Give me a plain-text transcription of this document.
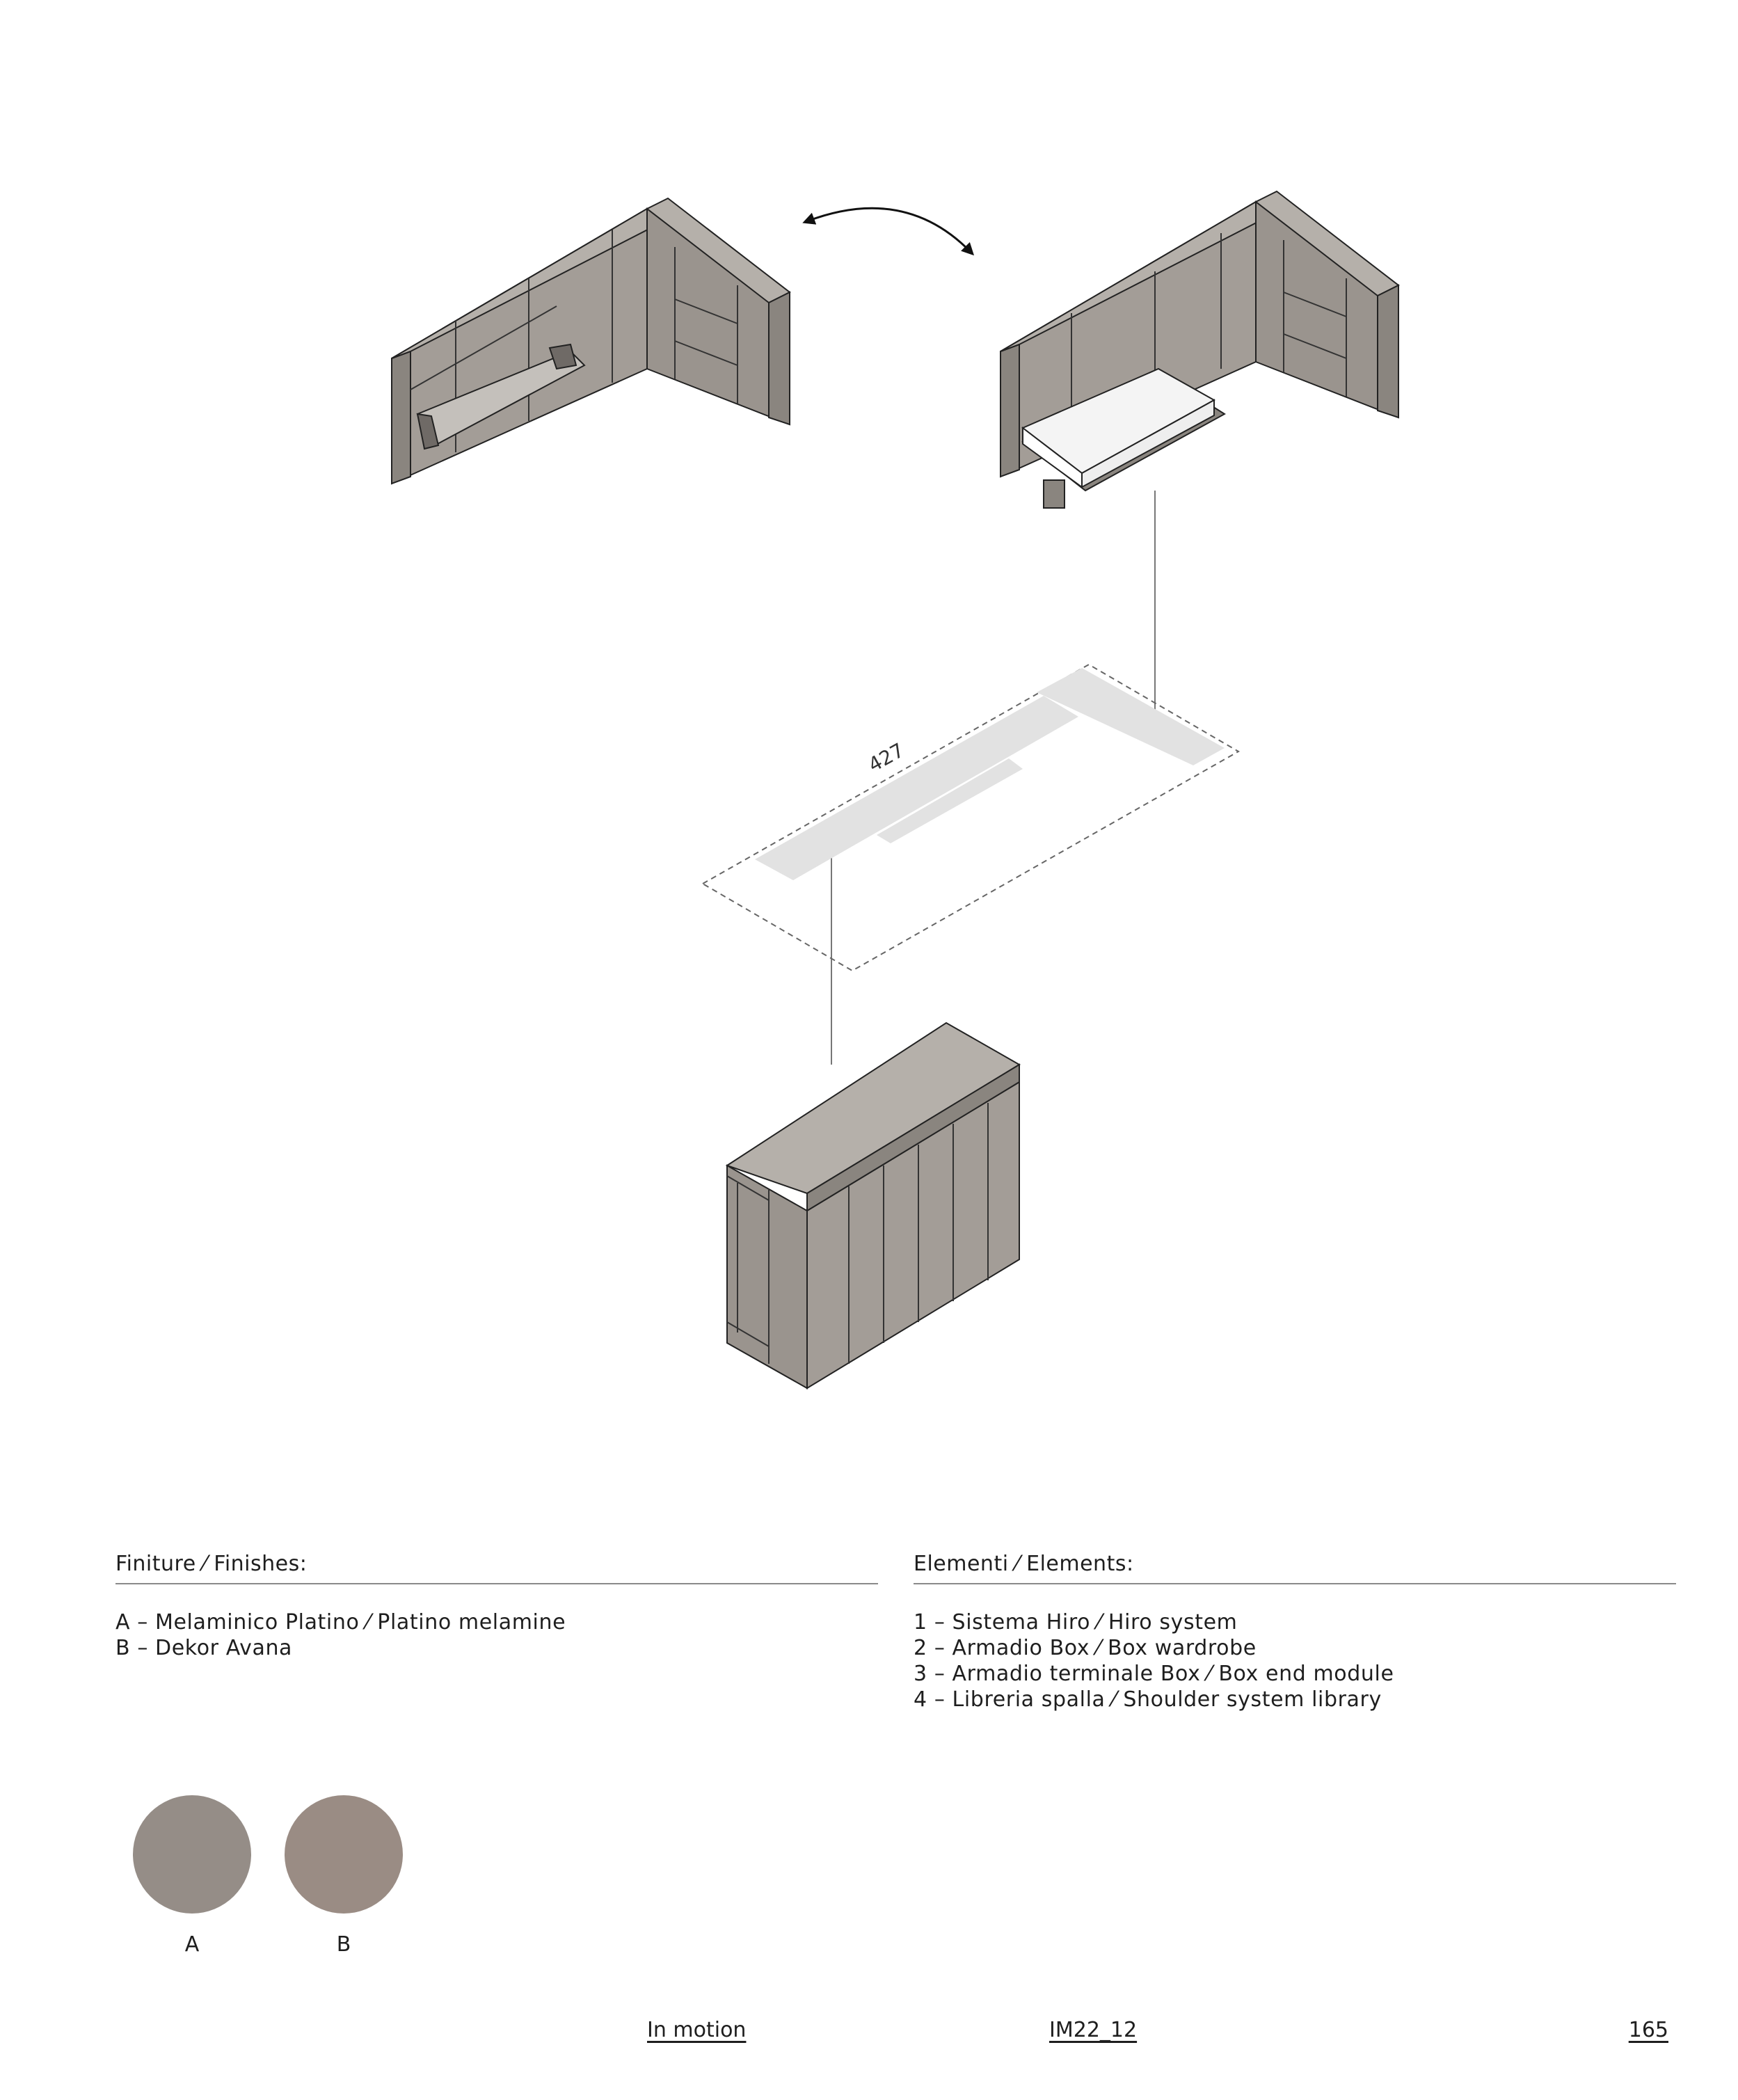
427
Finiture ⁄ Finishes:
A – Melaminico Platino ⁄ Platino melamine
B – Dekor Avana
Elementi ⁄ Elements:
1 – Sistema Hiro ⁄ Hiro system
2 – Armadio Box ⁄ Box wardrobe
3 – Armadio terminale Box ⁄ Box end module
4 – Libreria spalla ⁄ Shoulder system library
A	B
In motion	IM22_12	165
